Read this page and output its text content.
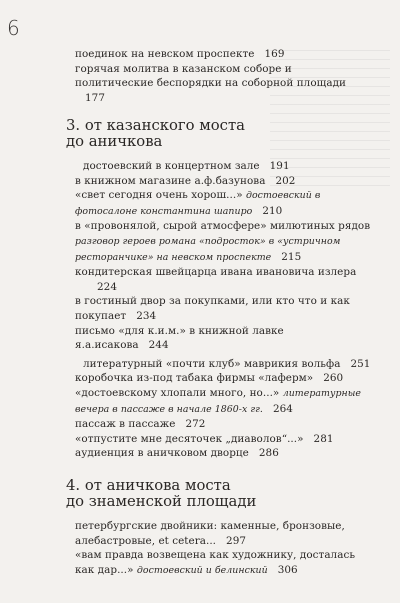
6

поединок на невском проспекте 169

горячая молитва в казанском соборе и политические беспорядки на соборной площади177

3. от казанского моста
до аничкова

достоевский в концертном зале 191

в книжном магазине а.ф.базунова 202

«свет сегодня очень хорош...» достоевский в фотосалоне константина шапиро 210

в «провонялой, сырой атмосфере» милютиных рядов разговор героев романа «подросток» в «устричном ресторанчике» на невском проспекте 215

кондитерская швейцарца ивана ивановича излера224

в гостиный двор за покупками, или кто что и как покупает 234

письмо «для к.и.м.» в книжной лавке я.а.исакова 244

литературный «почти клуб» маврикия вольфа 251

коробочка из-под табака фирмы «лаферм» 260

«достоевскому хлопали много, но...» литературные вечера в пассаже в начале 1860-х гг. 264

пассаж в пассаже 272

«отпустите мне десяточек „диаволов“...» 281

аудиенция в аничковом дворце 286

4. от аничкова моста
до знаменской площади

петербургские двойники: каменные, бронзовые, алебастровые, et cetera... 297

«вам правда возвещена как художнику, досталась как дар...» достоевский и белинский 306
